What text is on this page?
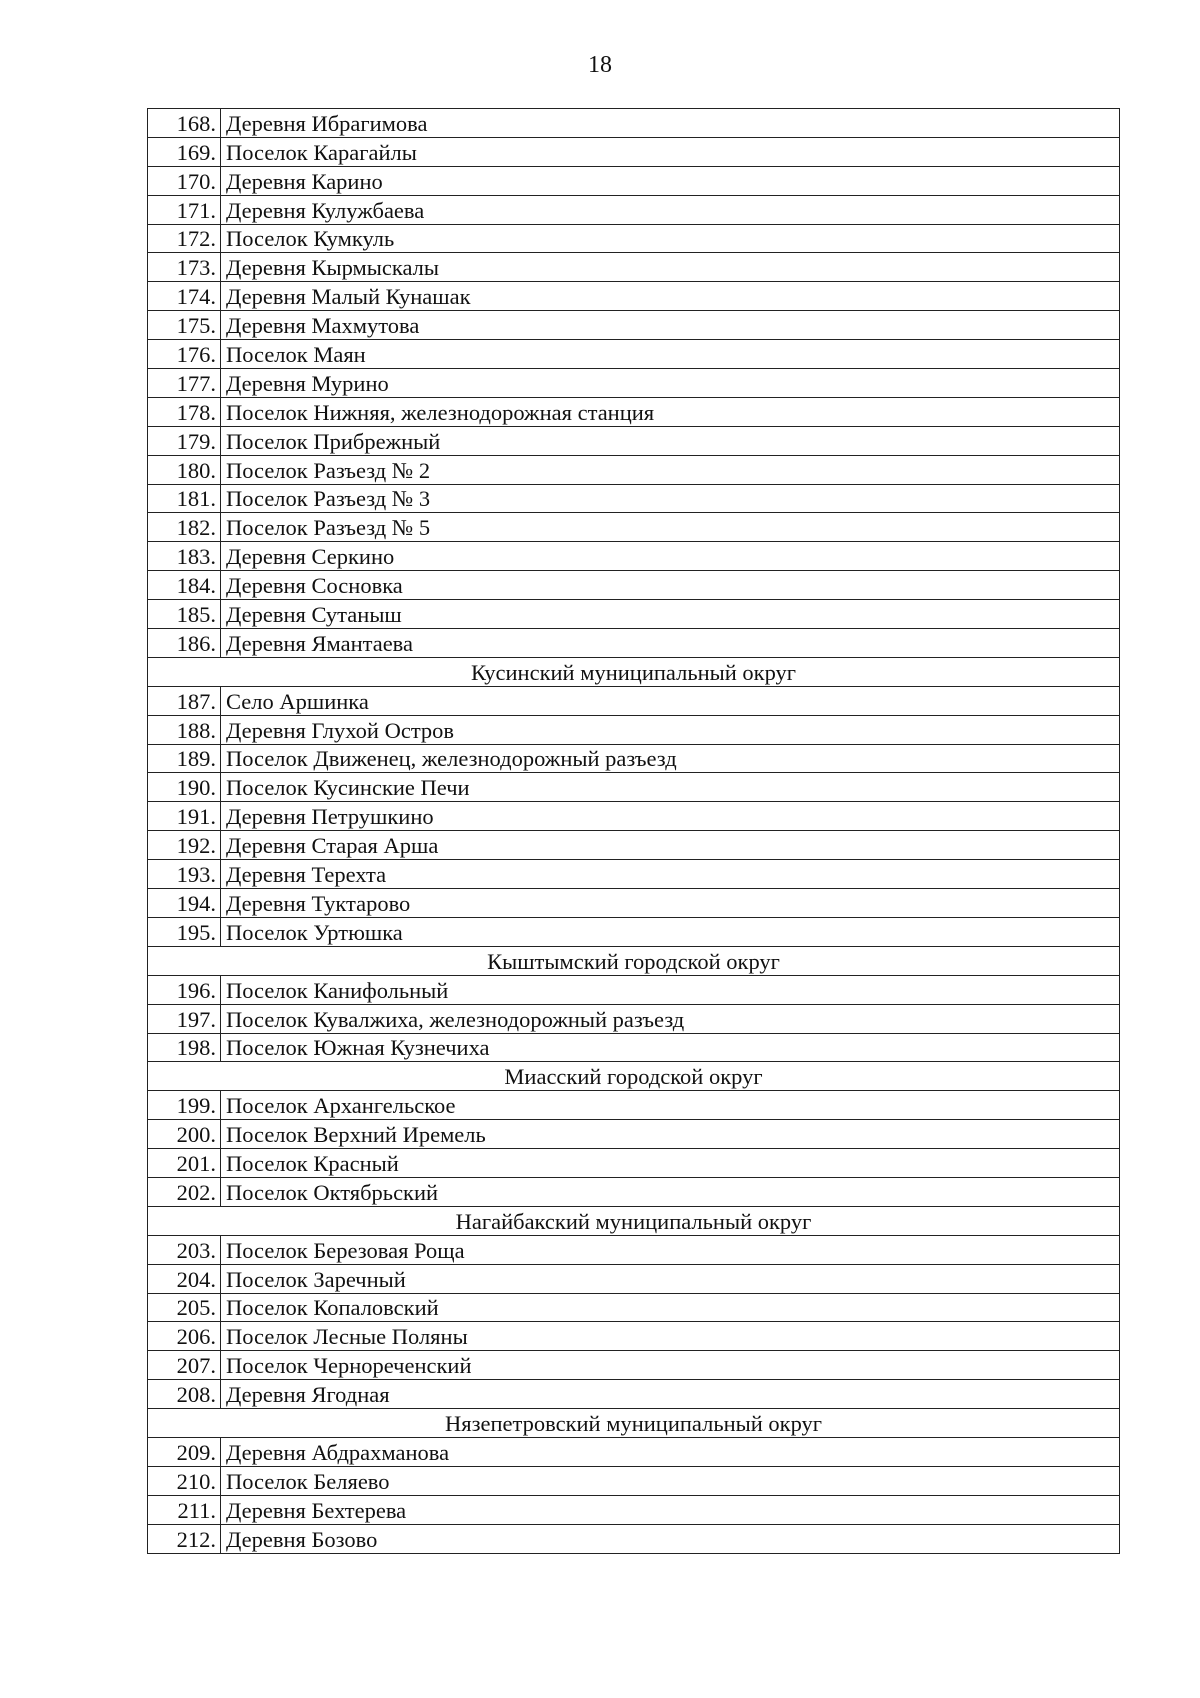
18
168.	Деревня Ибрагимова
169.	Поселок Карагайлы
170.	Деревня Карино
171.	Деревня Кулужбаева
172.	Поселок Кумкуль
173.	Деревня Кырмыскалы
174.	Деревня Малый Кунашак
175.	Деревня Махмутова
176.	Поселок Маян
177.	Деревня Мурино
178.	Поселок Нижняя, железнодорожная станция
179.	Поселок Прибрежный
180.	Поселок Разъезд № 2
181.	Поселок Разъезд № 3
182.	Поселок Разъезд № 5
183.	Деревня Серкино
184.	Деревня Сосновка
185.	Деревня Сутаныш
186.	Деревня Ямантаева
Кусинский муниципальный округ	
187.	Село Аршинка
188.	Деревня Глухой Остров
189.	Поселок Движенец, железнодорожный разъезд
190.	Поселок Кусинские Печи
191.	Деревня Петрушкино
192.	Деревня Старая Арша
193.	Деревня Терехта
194.	Деревня Туктарово
195.	Поселок Уртюшка
Кыштымский городской округ	
196.	Поселок Канифольный
197.	Поселок Кувалжиха, железнодорожный разъезд
198.	Поселок Южная Кузнечиха
Миасский городской округ	
199.	Поселок Архангельское
200.	Поселок Верхний Иремель
201.	Поселок Красный
202.	Поселок Октябрьский
Нагайбакский муниципальный округ	
203.	Поселок Березовая Роща
204.	Поселок Заречный
205.	Поселок Копаловский
206.	Поселок Лесные Поляны
207.	Поселок Чернореченский
208.	Деревня Ягодная
Нязепетровский муниципальный округ	
209.	Деревня Абдрахманова
210.	Поселок Беляево
211.	Деревня Бехтерева
212.	Деревня Бозово
